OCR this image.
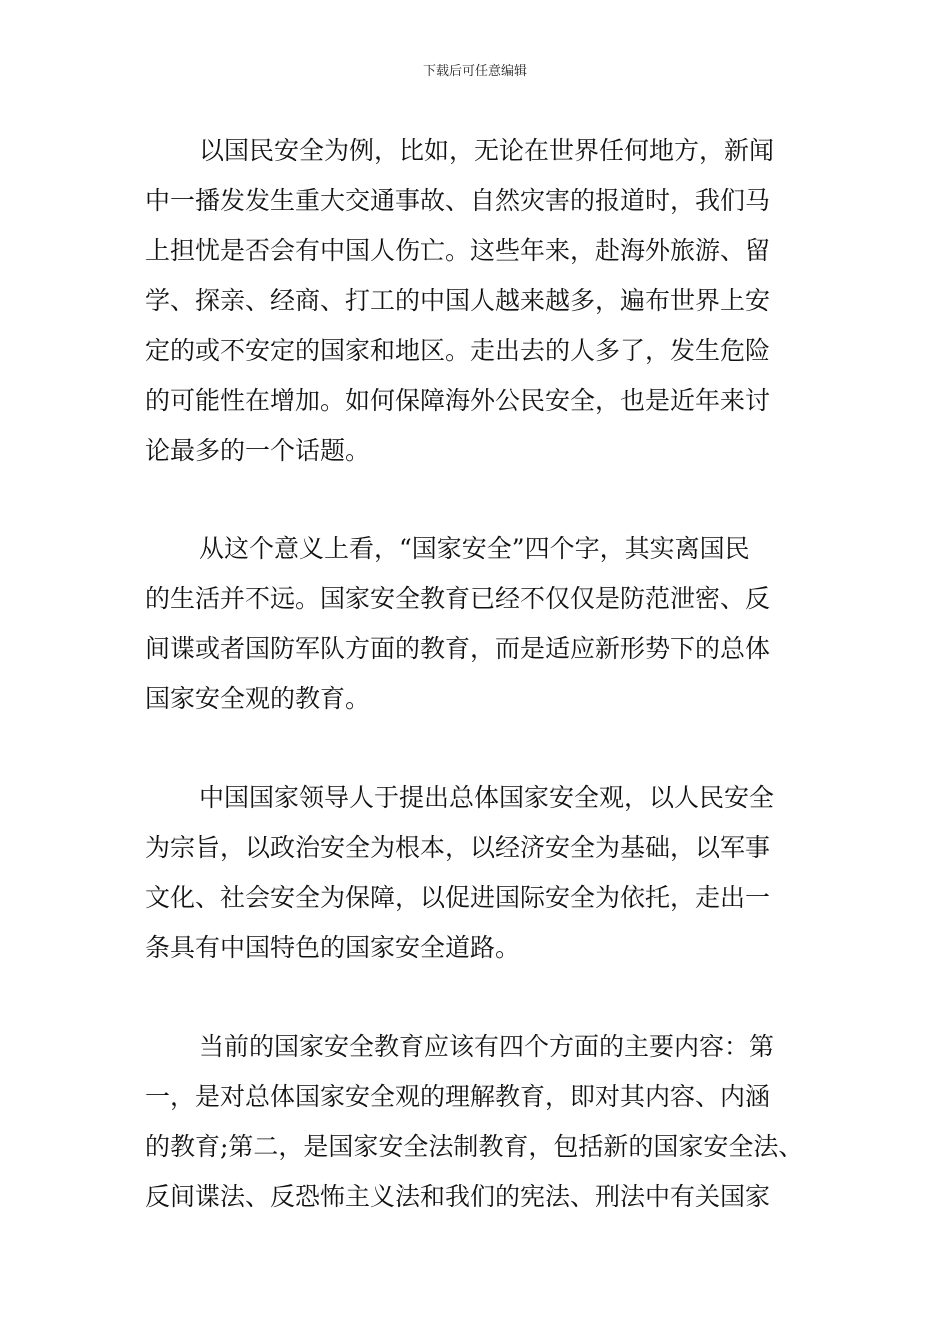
下载后可任意编辑
以国民安全为例，比如，无论在世界任何地方，新闻
中一播发发生重大交通事故、自然灾害的报道时，我们马
上担忧是否会有中国人伤亡。这些年来，赴海外旅游、留
学、探亲、经商、打工的中国人越来越多，遍布世界上安
定的或不安定的国家和地区。走出去的人多了，发生危险
的可能性在增加。如何保障海外公民安全，也是近年来讨
论最多的一个话题。
从这个意义上看，“国家安全”四个字，其实离国民
的生活并不远。国家安全教育已经不仅仅是防范泄密、反
间谍或者国防军队方面的教育，而是适应新形势下的总体
国家安全观的教育。
中国国家领导人于提出总体国家安全观，以人民安全
为宗旨，以政治安全为根本，以经济安全为基础，以军事
文化、社会安全为保障，以促进国际安全为依托，走出一
条具有中国特色的国家安全道路。
当前的国家安全教育应该有四个方面的主要内容：第
一，是对总体国家安全观的理解教育，即对其内容、内涵
的教育;第二，是国家安全法制教育，包括新的国家安全法、
反间谍法、反恐怖主义法和我们的宪法、刑法中有关国家
